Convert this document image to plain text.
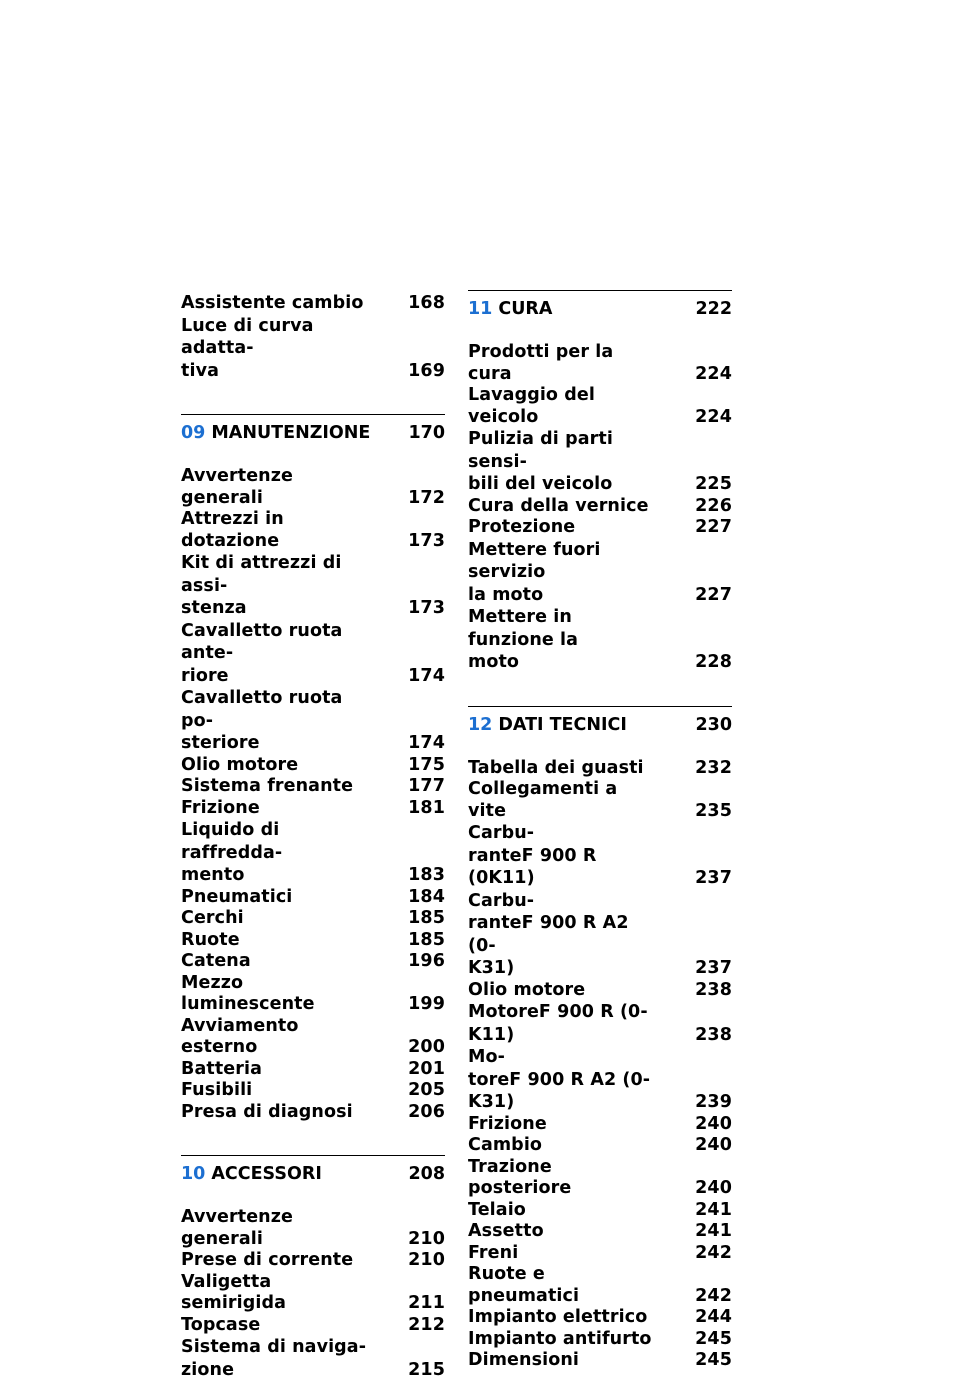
Assistente cambio	168
Luce di curva adatta-
tiva	169
09 MANUTENZIONE 170
Avvertenze generali	172
Attrezzi in dotazione	173
Kit di attrezzi di assi-
stenza	173
Cavalletto ruota ante-
riore	174
Cavalletto ruota po-
steriore	174
Olio motore	175
Sistema frenante	177
Frizione	181
Liquido di raffredda-
mento	183
Pneumatici	184
Cerchi	185
Ruote	185
Catena	196
Mezzo luminescente	199
Avviamento esterno	200
Batteria	201
Fusibili	205
Presa di diagnosi	206
10 ACCESSORI	208
Avvertenze generali	210
Prese di corrente	210
Valigetta semirigida	211
Topcase	212
Sistema di naviga-
zione	215
11 CURA	222
Prodotti per la cura	224
Lavaggio del veicolo	224
Pulizia di parti sensi-
bili del veicolo	225
Cura della vernice	226
Protezione	227
Mettere fuori servizio
la moto	227
Mettere in funzione la
moto	228
12 DATI TECNICI	230
Tabella dei guasti	232
Collegamenti a vite	235
Carbu-
ranteF 900 R (0K11)	237
Carbu-
ranteF 900 R A2 (0-
K31)	237
Olio motore	238
MotoreF 900 R (0-
K11)	238
Mo-
toreF 900 R A2 (0-
K31)	239
Frizione	240
Cambio	240
Trazione posteriore	240
Telaio	241
Assetto	241
Freni	242
Ruote e pneumatici	242
Impianto elettrico	244
Impianto antifurto	245
Dimensioni	245
